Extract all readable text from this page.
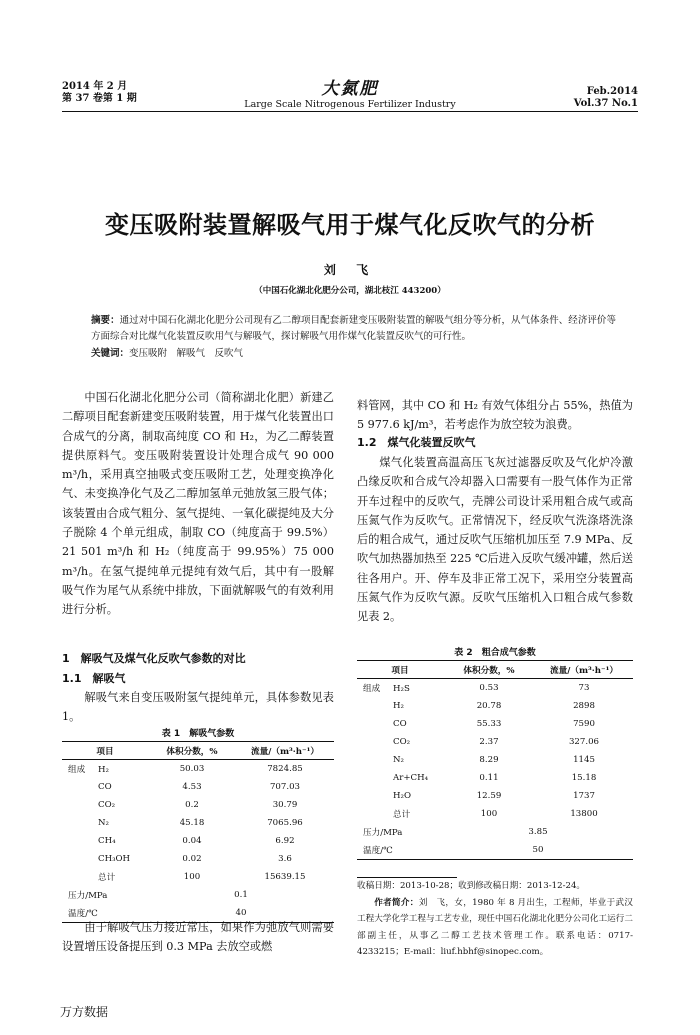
2014 年 2 月
第 37 卷第 1 期	大氮肥
Large Scale Nitrogenous Fertilizer Industry
Feb.2014
Vol.37 No.1
变压吸附装置解吸气用于煤气化反吹气的分析
刘 飞
（中国石化湖北化肥分公司，湖北枝江 443200）
摘要：通过对中国石化湖北化肥分公司现有乙二醇项目配套新建变压吸附装置的解吸气组分等分析，从气体条件、经济评价等方面综合对比煤气化装置反吹用气与解吸气，探讨解吸气用作煤气化装置反吹气的可行性。
关键词：变压吸附　解吸气　反吹气

中国石化湖北化肥分公司（简称湖北化肥）新建乙二醇项目配套新建变压吸附装置，用于煤气化装置出口合成气的分离，制取高纯度 CO 和 H₂，为乙二醇装置提供原料气。变压吸附装置设计处理合成气 90 000 m³/h，采用真空抽吸式变压吸附工艺，处理变换净化气、未变换净化气及乙二醇加氢单元弛放氢三股气体；该装置由合成气粗分、氢气提纯、一氧化碳提纯及大分子脱除 4 个单元组成，制取 CO（纯度高于 99.5%）21 501 m³/h 和 H₂（纯度高于 99.95%）75 000 m³/h。在氢气提纯单元提纯有效气后，其中有一股解吸气作为尾气从系统中排放，下面就解吸气的有效利用进行分析。

1　解吸气及煤气化反吹气参数的对比
1.1　解吸气

解吸气来自变压吸附氢气提纯单元，具体参数见表 1。

表 1　解吸气参数
项目	体积分数，%	流量/（m³·h⁻¹）
组成 H₂	50.03	7824.85
CO	4.53	707.03
CO₂	0.2	30.79
N₂	45.18	7065.96
CH₄	0.04	6.92
CH₃OH	0.02	3.6
总计	100	15639.15
压力/MPa	0.1	
温度/℃	40	

由于解吸气压力接近常压，如果作为弛放气则需要设置增压设备提压到 0.3 MPa 去放空或燃

料管网，其中 CO 和 H₂ 有效气体组分占 55%，热值为 5 977.6 kJ/m³，若考虑作为放空较为浪费。

1.2　煤气化装置反吹气

煤气化装置高温高压飞灰过滤器反吹及气化炉冷激凸缘反吹和合成气冷却器入口需要有一股气体作为正常开车过程中的反吹气，壳牌公司设计采用粗合成气或高压氮气作为反吹气。正常情况下，经反吹气洗涤塔洗涤后的粗合成气，通过反吹气压缩机加压至 7.9 MPa、反吹气加热器加热至 225 ℃后进入反吹气缓冲罐，然后送往各用户。开、停车及非正常工况下，采用空分装置高压氮气作为反吹气源。反吹气压缩机入口粗合成气参数见表 2。

表 2　粗合成气参数
项目	体积分数，%	流量/（m³·h⁻¹）
组成 H₂S	0.53	73
H₂	20.78	2898
CO	55.33	7590
CO₂	2.37	327.06
N₂	8.29	1145
Ar+CH₄	0.11	15.18
H₂O	12.59	1737
总计	100	13800
压力/MPa	3.85	
温度/℃	50	
收稿日期：2013-10-28；收到修改稿日期：2013-12-24。
作者简介：刘　飞，女，1980 年 8 月出生，工程师，毕业于武汉工程大学化学工程与工艺专业，现任中国石化湖北化肥分公司化工运行二部副主任，从事乙二醇工艺技术管理工作。联系电话：0717-4233215；E-mail：liuf.hbhf@sinopec.com。
万方数据
